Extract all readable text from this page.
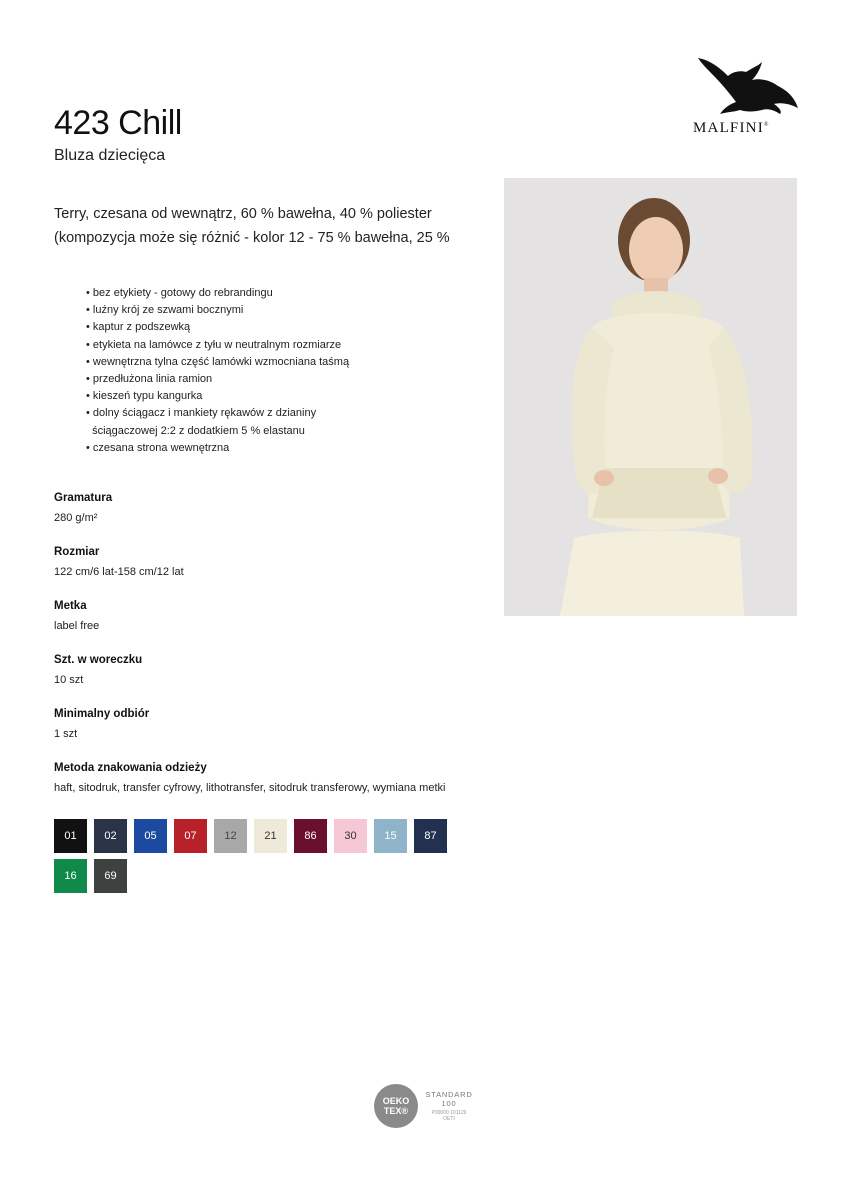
423 Chill
Bluza dziecięca
MALFINI®
Terry, czesana od wewnątrz, 60 % bawełna, 40 % poliester
(kompozycja może się różnić - kolor 12 - 75 % bawełna, 25 %
• bez etykiety - gotowy do rebrandingu
• luźny krój ze szwami bocznymi
• kaptur z podszewką
• etykieta na lamówce z tyłu w neutralnym rozmiarze
• wewnętrzna tylna część lamówki wzmocniana taśmą
• przedłużona linia ramion
• kieszeń typu kangurka
• dolny ściągacz i mankiety rękawów z dzianiny
ściągaczowej 2:2 z dodatkiem 5 % elastanu
• czesana strona wewnętrzna
Gramatura
280 g/m²
Rozmiar
122 cm/6 lat-158 cm/12 lat
Metka
label free
Szt. w woreczku
10 szt
Minimalny odbiór
1 szt
Metoda znakowania odzieży
haft, sitodruk, transfer cyfrowy, lithotransfer, sitodruk transferowy, wymiana metki
01	02	05	07	12	21	86	30	15	87
16	69
OEKO
TEX®
STANDARD
100
P00000 101129
OETI
